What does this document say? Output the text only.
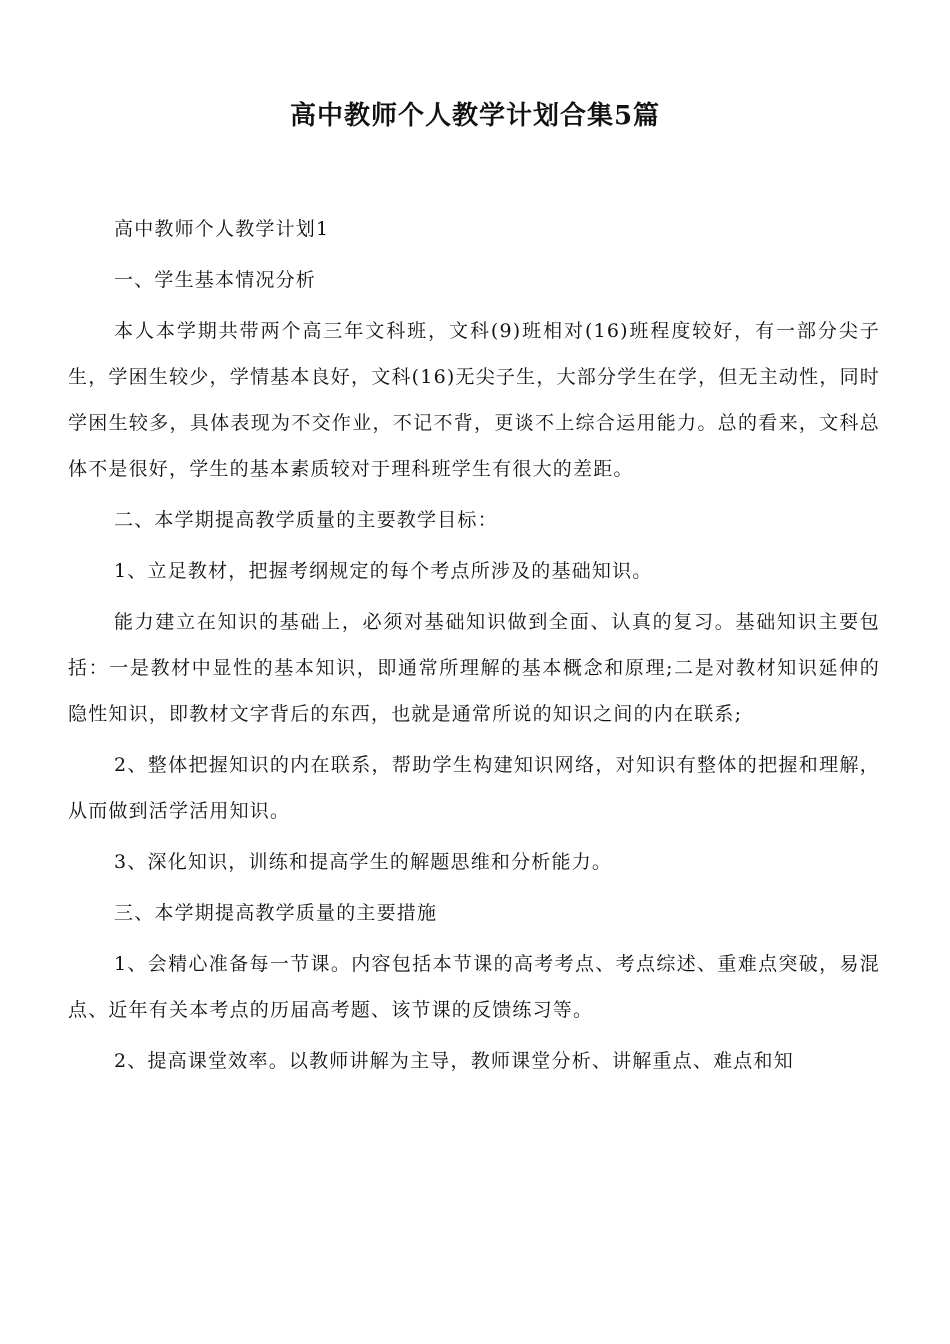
高中教师个人教学计划合集5篇

高中教师个人教学计划1

一、学生基本情况分析

本人本学期共带两个高三年文科班，文科(9)班相对(16)班程度较好，有一部分尖子生，学困生较少，学情基本良好，文科(16)无尖子生，大部分学生在学，但无主动性，同时学困生较多，具体表现为不交作业，不记不背，更谈不上综合运用能力。总的看来，文科总体不是很好，学生的基本素质较对于理科班学生有很大的差距。

二、本学期提高教学质量的主要教学目标：

1、立足教材，把握考纲规定的每个考点所涉及的基础知识。

能力建立在知识的基础上，必须对基础知识做到全面、认真的复习。基础知识主要包括：一是教材中显性的基本知识，即通常所理解的基本概念和原理;二是对教材知识延伸的隐性知识，即教材文字背后的东西，也就是通常所说的知识之间的内在联系;

2、整体把握知识的内在联系，帮助学生构建知识网络，对知识有整体的把握和理解，从而做到活学活用知识。

3、深化知识，训练和提高学生的解题思维和分析能力。

三、本学期提高教学质量的主要措施

1、会精心准备每一节课。内容包括本节课的高考考点、考点综述、重难点突破，易混点、近年有关本考点的历届高考题、该节课的反馈练习等。

2、提高课堂效率。以教师讲解为主导，教师课堂分析、讲解重点、难点和知
